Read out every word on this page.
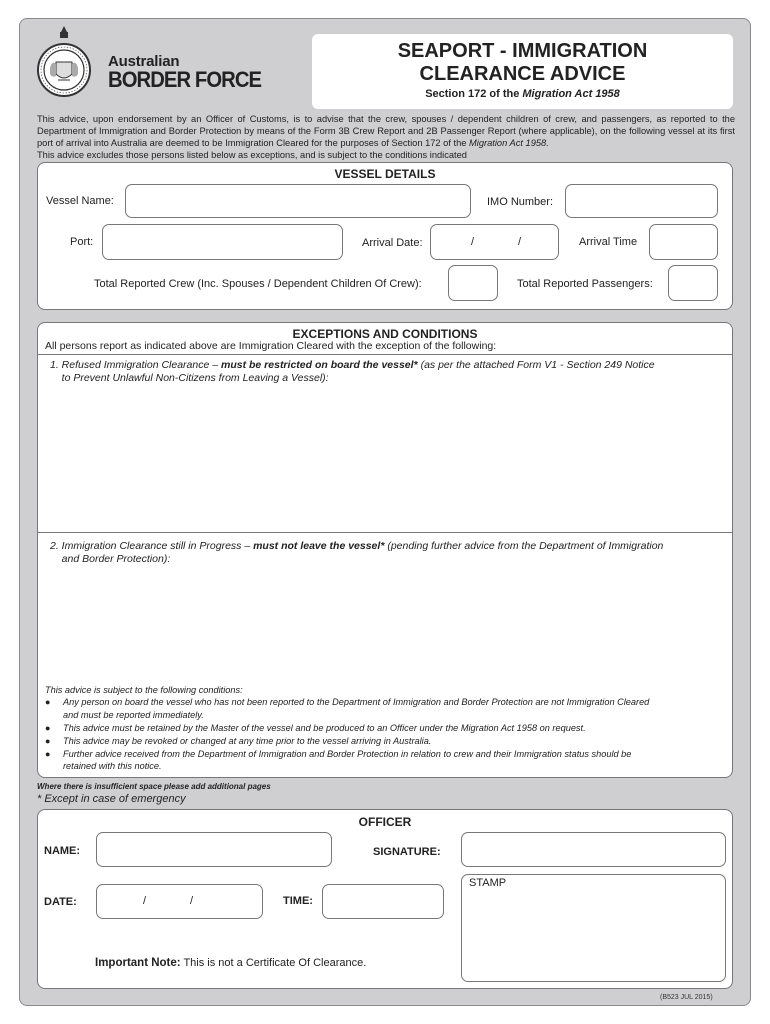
Australian
BORDER FORCE
SEAPORT - IMMIGRATION
CLEARANCE ADVICE
Section 172 of the Migration Act 1958
This advice, upon endorsement by an Officer of Customs, is to advise that the crew, spouses / dependent children of crew, and passengers, as reported to the Department of Immigration and Border Protection by means of the Form 3B Crew Report and 2B Passenger Report (where applicable), on the following vessel at its first port of arrival into Australia are deemed to be Immigration Cleared for the purposes of Section 172 of the Migration Act 1958.
This advice excludes those persons listed below as exceptions, and is subject to the conditions indicated
VESSEL DETAILS
Vessel Name:	IMO Number:
Port:	Arrival Date:	/	/	Arrival Time
Total Reported Crew (Inc. Spouses / Dependent Children Of Crew):	Total Reported Passengers:
EXCEPTIONS AND CONDITIONS
All persons report as indicated above are Immigration Cleared with the exception of the following:
1. Refused Immigration Clearance – must be restricted on board the vessel* (as per the attached Form V1 - Section 249 Notice
to Prevent Unlawful Non-Citizens from Leaving a Vessel):
2. Immigration Clearance still in Progress – must not leave the vessel* (pending further advice from the Department of Immigration
and Border Protection):
This advice is subject to the following conditions:
● Any person on board the vessel who has not been reported to the Department of Immigration and Border Protection are not Immigration Cleared
and must be reported immediately.
● This advice must be retained by the Master of the vessel and be produced to an Officer under the Migration Act 1958 on request.
● This advice may be revoked or changed at any time prior to the vessel arriving in Australia.
● Further advice received from the Department of Immigration and Border Protection in relation to crew and their Immigration status should be
retained with this notice.
Where there is insufficient space please add additional pages
* Except in case of emergency
OFFICER
NAME:	SIGNATURE:
DATE:	/	/	TIME:
STAMP
Important Note: This is not a Certificate Of Clearance.
(B523 JUL 2015)
